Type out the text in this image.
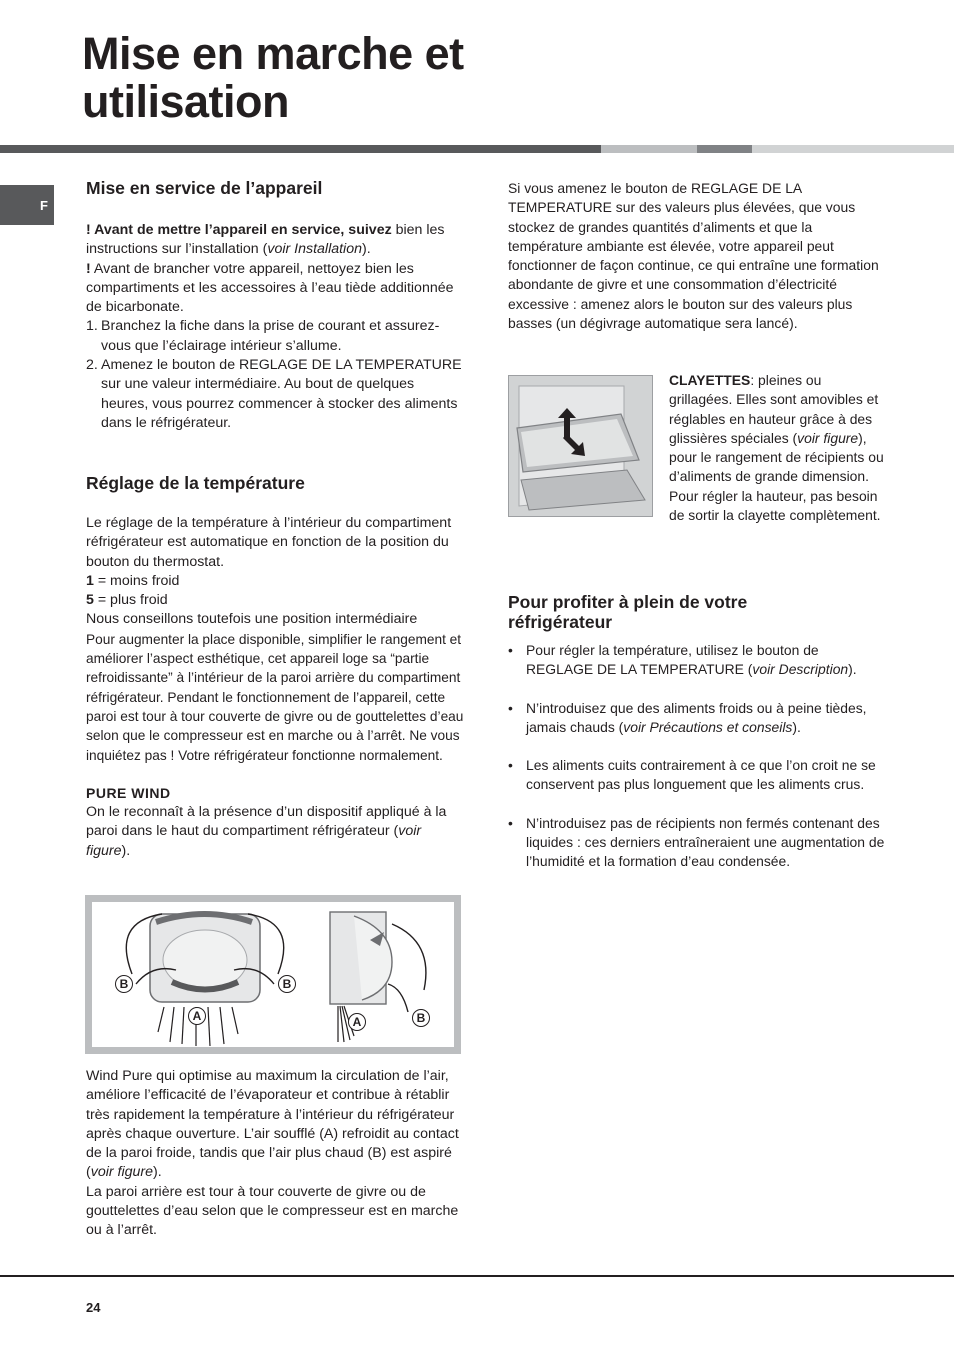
Mise en marche et
utilisation
F
Mise en service de l’appareil

! Avant de mettre l’appareil en service, suivez bien les instructions sur l’installation (voir Installation).

! Avant de brancher votre appareil, nettoyez bien les compartiments et les accessoires à l’eau tiède additionnée de bicarbonate.

1. Branchez la fiche dans la prise de courant et assurez-vous que l’éclairage intérieur s’allume.
2. Amenez le bouton de REGLAGE DE LA TEMPERATURE sur une valeur intermédiaire. Au bout de quelques heures, vous pourrez commencer à stocker des aliments dans le réfrigérateur.
Réglage de la température

Le réglage de la température à l’intérieur du compartiment réfrigérateur est automatique en fonction de la position du bouton du thermostat.

1 = moins froid

5 = plus froid

Nous conseillons toutefois une position intermédiaire

Pour augmenter la place disponible, simplifier le rangement et améliorer l’aspect esthétique, cet appareil loge sa “partie refroidissante” à l’intérieur de la paroi arrière du compartiment réfrigérateur. Pendant le fonctionnement de l’appareil, cette paroi est tour à tour couverte de givre ou de gouttelettes d’eau selon que le compresseur est en marche ou à l’arrêt. Ne vous inquiétez pas ! Votre réfrigérateur fonctionne normalement.

PURE WIND

On le reconnaît à la présence d’un dispositif appliqué à la paroi dans le haut du compartiment réfrigérateur (voir figure).

B	B
A	A	B

Wind Pure qui optimise au maximum la circulation de l’air, améliore l’efficacité de l’évaporateur et contribue à rétablir très rapidement la température à l’intérieur du réfrigérateur après chaque ouverture. L’air soufflé (A) refroidit au contact de la paroi froide, tandis que l’air plus chaud (B) est aspiré (voir figure).

La paroi arrière est tour à tour couverte de givre ou de gouttelettes d’eau selon que le compresseur est en marche ou à l’arrêt.

Si vous amenez le bouton de REGLAGE DE LA TEMPERATURE sur des valeurs plus élevées, que vous stockez de grandes quantités d’aliments et que la température ambiante est élevée, votre appareil peut fonctionner de façon continue, ce qui entraîne une formation abondante de givre et une consommation d’électricité excessive : amenez alors le bouton sur des valeurs plus basses (un dégivrage automatique sera lancé).

CLAYETTES: pleines ou grillagées. Elles sont amovibles et réglables en hauteur grâce à des glissières spéciales (voir figure), pour le rangement de récipients ou d’aliments de grande dimension. Pour régler la hauteur, pas besoin de sortir la clayette complètement.

Pour profiter à plein de votre
réfrigérateur
• Pour régler la température, utilisez le bouton de REGLAGE DE LA TEMPERATURE (voir Description).
• N’introduisez que des aliments froids ou à peine tièdes, jamais chauds (voir Précautions et conseils).
• Les aliments cuits contrairement à ce que l’on croit ne se conservent pas plus longuement que les aliments crus.
• N’introduisez pas de récipients non fermés contenant des liquides : ces derniers entraîneraient une augmentation de l’humidité et la formation d’eau condensée.
24
